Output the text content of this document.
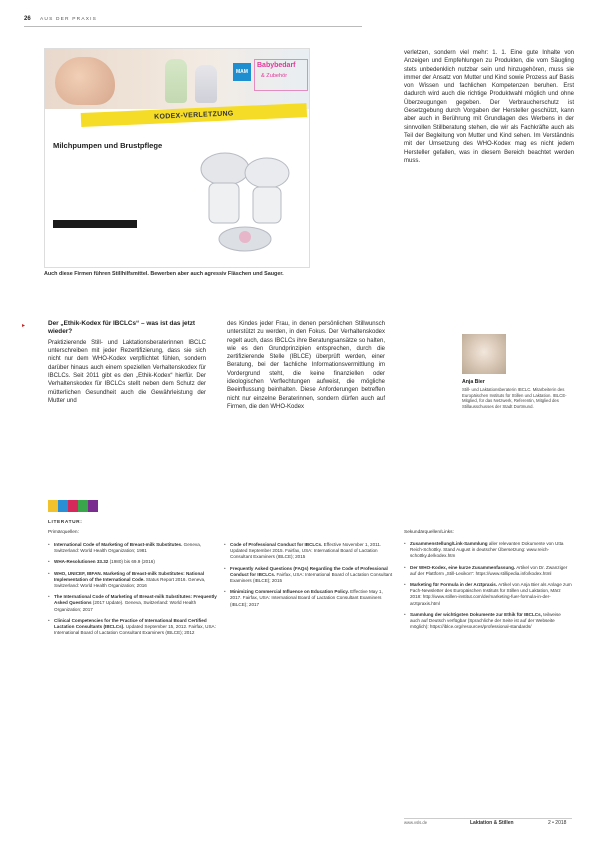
26 AUS DER PRAXIS
MAM
Babybedarf
& Zubehör
KODEX-VERLETZUNG
Milchpumpen und Brustpflege
Auch diese Firmen führen Stillhilfsmittel. Bewerben aber auch agressiv Fläschen und Sauger.
verletzen, sondern viel mehr: 1. 1. Eine gute Inhalte von Anzeigen und Empfehlungen zu Produkten, die vom Säugling stets unbedenklich nutzbar sein und hinzugehören, muss sie immer der Ansatz von Mutter und Kind sowie Prozess auf Basis von Wissen und fachlichen Kompetenzen beruhen. Erst dadurch wird auch die richtige Produktwahl möglich und ohne Überzeugungen gegeben. Der Verbraucherschutz ist Gesetzgebung durch Vorgaben der Hersteller geschützt, kann aber auch in Berührung mit Grundlagen des Werbens in der sinnvollen Stillberatung stehen, die wir als Fachkräfte auch als Teil der Begleitung von Mutter und Kind sehen. Im Verständnis mit der Umsetzung des WHO-Kodex mag es nicht jedem Hersteller gefallen, was in diesem Bereich beachtet werden muss.
▸	Der „Ethik-Kodex für IBCLCs“ – was ist das jetzt wieder?
Praktizierende Still- und Laktationsberaterinnen IBCLC unterschreiben mit jeder Rezertifizierung, dass sie sich nicht nur dem WHO-Kodex verpflichtet fühlen, sondern darüber hinaus auch einem speziellen Verhaltenskodex für IBCLCs. Seit 2011 gibt es den „Ethik-Kodex“ hierfür. Der Verhaltenskodex für IBCLCs stellt neben dem Schutz der mütterlichen Gesundheit auch die Gewährleistung der Mutter und
des Kindes jeder Frau, in denen persönlichen Stillwunsch unterstützt zu werden, in den Fokus. Der Verhaltenskodex regelt auch, dass IBCLCs ihre Beratungsansätze so halten, wie es den Grundprinzipien entsprechen, durch die zertifizierende Stelle (IBLCE) überprüft werden, einer Beratung, bei der fachliche Informationsvermittlung im Vordergrund steht, die keine finanziellen oder ideologischen Verflechtungen aufweist, die mögliche Beeinflussung beinhalten. Diese Anforderungen betreffen nicht nur einzelne Beraterinnen, sondern dürfen auch auf Firmen, die den WHO-Kodex
Anja Bier
Still- und Laktationsberaterin IBCLC. Mitarbeiterin des Europäischen Instituts für Stillen und Laktation. IBLCE-Mitglied, für das Netzwerk, Referentin, Mitglied des Stillausschusses der Stadt Dortmund.
LITERATUR:
Primärquellen:
• International Code of Marketing of Breast-milk Substitutes. Geneva, Switzerland: World Health Organization; 1981
• WHA-Resolutionen 33.32 (1980) bis 69.9 (2016)
• WHO, UNICEF, IBFAN. Marketing of Breast-milk Substitutes: National Implementation of the International Code. Status Report 2016. Geneva, Switzerland: World Health Organization; 2016
• The International Code of Marketing of Breast-milk Substitutes: Frequently Asked Questions (2017 Update). Geneva, Switzerland: World Health Organization; 2017
• Clinical Competencies for the Practice of International Board Certified Lactation Consultants (IBCLCs). Updated September 15, 2012. Fairfax, USA: International Board of Lactation Consultant Examiners (IBLCE); 2012
• Code of Professional Conduct for IBCLCs. Effective November 1, 2011. Updated September 2015. Fairfax, USA: International Board of Lactation Consultant Examiners (IBLCE); 2015
• Frequently Asked Questions (FAQs) Regarding the Code of Professional Conduct for IBCLCs. Fairfax, USA: International Board of Lactation Consultant Examiners (IBLCE); 2015
• Minimizing Commercial Influence on Education Policy. Effective May 1, 2017. Fairfax, USA: International Board of Lactation Consultant Examiners (IBLCE); 2017
Sekundärquellen/Links:
• Zusammenstellung/Link-Sammlung aller relevanten Dokumente von Utta Reich-Schottky. Stand August in deutscher Übersetzung: www.reich-schottky.de/kodex.htm
• Der WHO-Kodex, eine kurze Zusammenfassung. Artikel von Dr. Zwanziger auf der Plattform „Still-Lexikon“: https://www.stillipedia.info/kodex.html
• Marketing für Formula in der Arztpraxis. Artikel von Anja Bier als Anlage zum Fach-Newsletter des Europäischen Instituts für Stillen und Laktation, März 2018: http://www.stillen-institut.com/de/marketing-fuer-formula-in-der-arztpraxis.html
• Sammlung der wichtigsten Dokumente zur Ethik für IBCLCs, teilweise auch auf Deutsch verfügbar (Sprachliche der Seite ist auf der Webseite möglich): https://iblce.org/resources/professional-standards/
www.vsls.de	Laktation & Stillen	2 • 2018
